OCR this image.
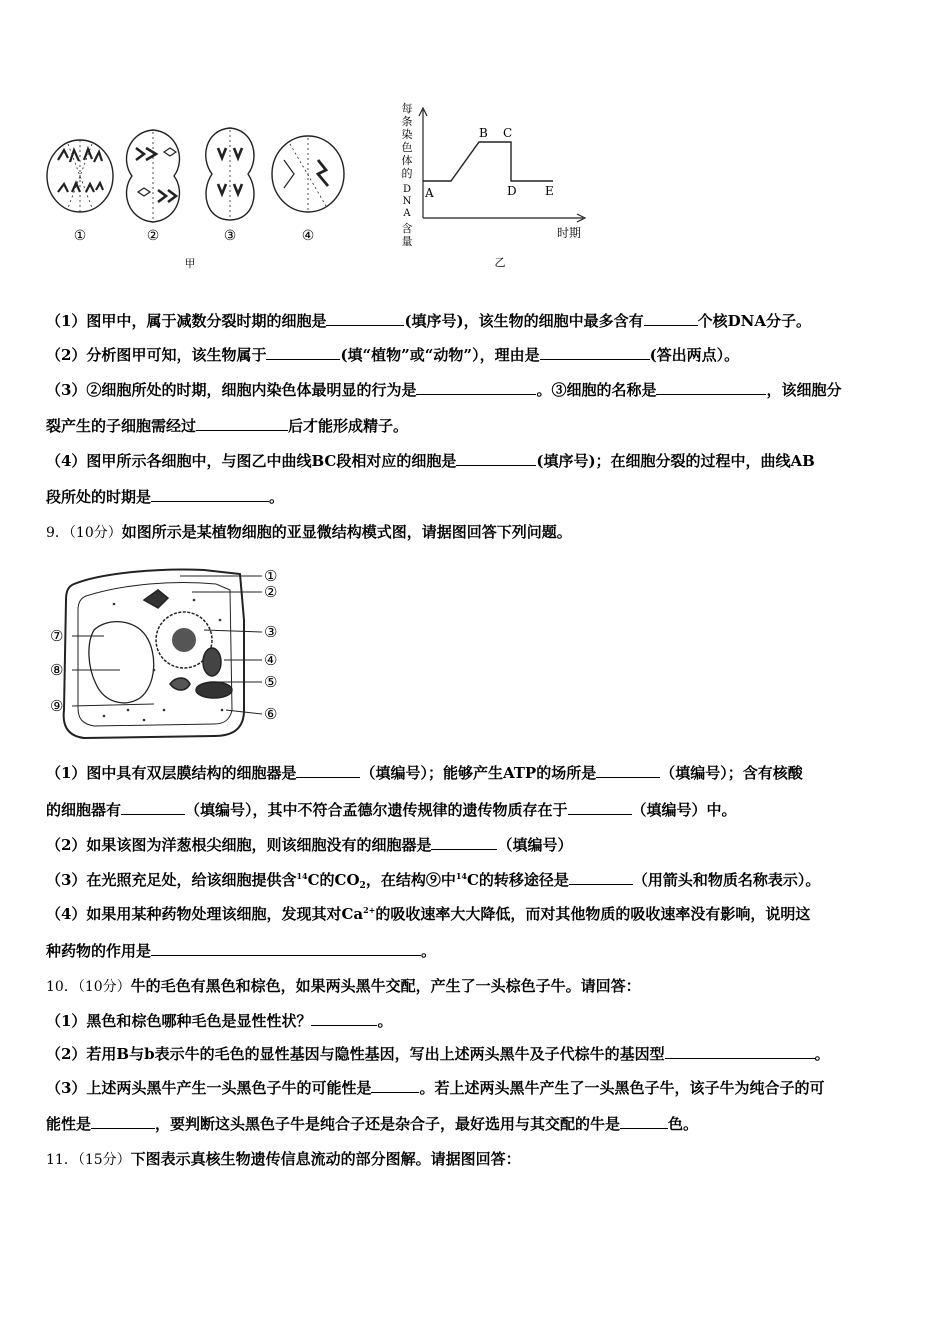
①	②	③	④
甲
每
条
染
色
体
的
D
N
A
含
量
A
B C
D E
时期
乙
（1）图甲中，属于减数分裂时期的细胞是	(填序号)，该生物的细胞中最多含有	个核DNA分子。
（2）分析图甲可知，该生物属于	(填“植物”或“动物”），理由是	(答出两点）。
（3）②细胞所处的时期，细胞内染色体最明显的行为是	。③细胞的名称是	，该细胞分
裂产生的子细胞需经过	后才能形成精子。
（4）图甲所示各细胞中，与图乙中曲线BC段相对应的细胞是	(填序号)；在细胞分裂的过程中，曲线AB
段所处的时期是	。
9．（10分）如图所示是某植物细胞的亚显微结构模式图，请据图回答下列问题。
①
②
③
④
⑤
⑥
⑦
⑧
⑨
（1）图中具有双层膜结构的细胞器是	（填编号）；能够产生ATP的场所是	（填编号）；含有核酸
的细胞器有	（填编号），其中不符合孟德尔遗传规律的遗传物质存在于	（填编号）中。
（2）如果该图为洋葱根尖细胞，则该细胞没有的细胞器是	（填编号）
（3）在光照充足处，给该细胞提供含$^{14}$C的$CO_2$，在结构⑨中$^{14}$C的转移途径是	（用箭头和物质名称表示）。
（4）如果用某种药物处理该细胞，发现其对$Ca^{2+}$的吸收速率大大降低，而对其他物质的吸收速率没有影响，说明这
种药物的作用是	。
10．（10分）牛的毛色有黑色和棕色，如果两头黑牛交配，产生了一头棕色子牛。请回答：
（1）黑色和棕色哪种毛色是显性性状？	。
（2）若用B与b表示牛的毛色的显性基因与隐性基因，写出上述两头黑牛及子代棕牛的基因型	。
（3）上述两头黑牛产生一头黑色子牛的可能性是	。若上述两头黑牛产生了一头黑色子牛，该子牛为纯合子的可
能性是	，要判断这头黑色子牛是纯合子还是杂合子，最好选用与其交配的牛是	色。
11．（15分）下图表示真核生物遗传信息流动的部分图解。请据图回答：
